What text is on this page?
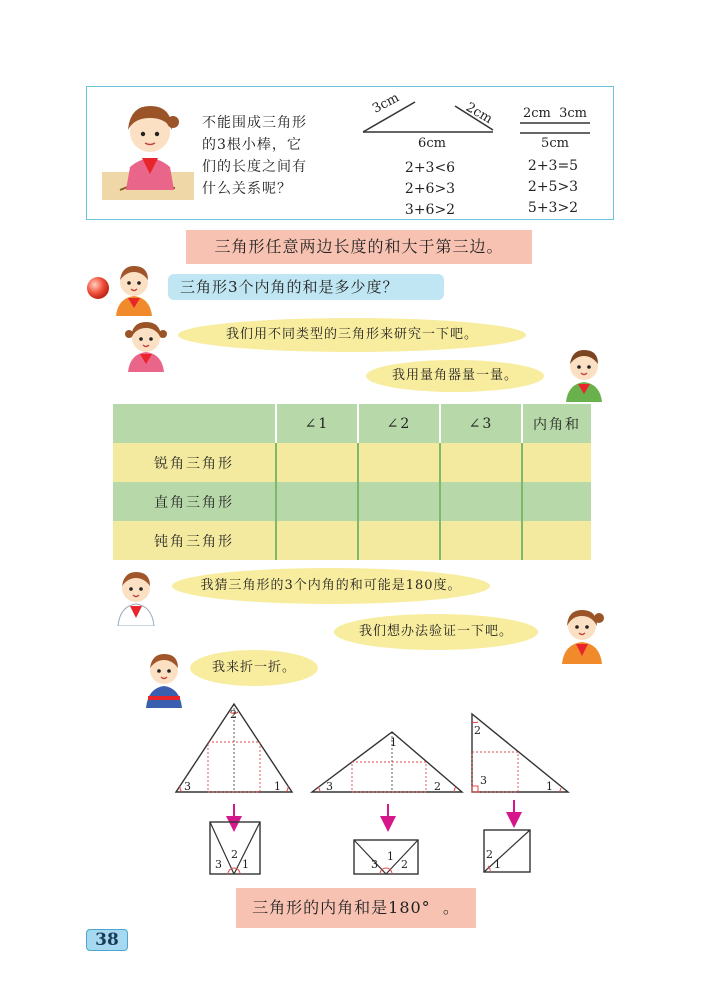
不能围成三角形
的3根小棒，它
们的长度之间有
什么关系呢？
3cm	2cm
6cm
2+3<6
2+6>3
3+6>2
2cm  3cm
5cm
2+3=5
2+5>3
5+3>2
三角形任意两边长度的和大于第三边。
三角形3个内角的和是多少度？
我们用不同类型的三角形来研究一下吧。
我用量角器量一量。
	∠1	∠2	∠3	内角和
锐角三角形				
直角三角形				
钝角三角形				
我猜三角形的3个内角的和可能是180度。
我们想办法验证一下吧。
我来折一折。
2
3	1
3
2
1
1
3	2
3
1
2
2
3	1
2
1
三角形的内角和是180°  。
38
